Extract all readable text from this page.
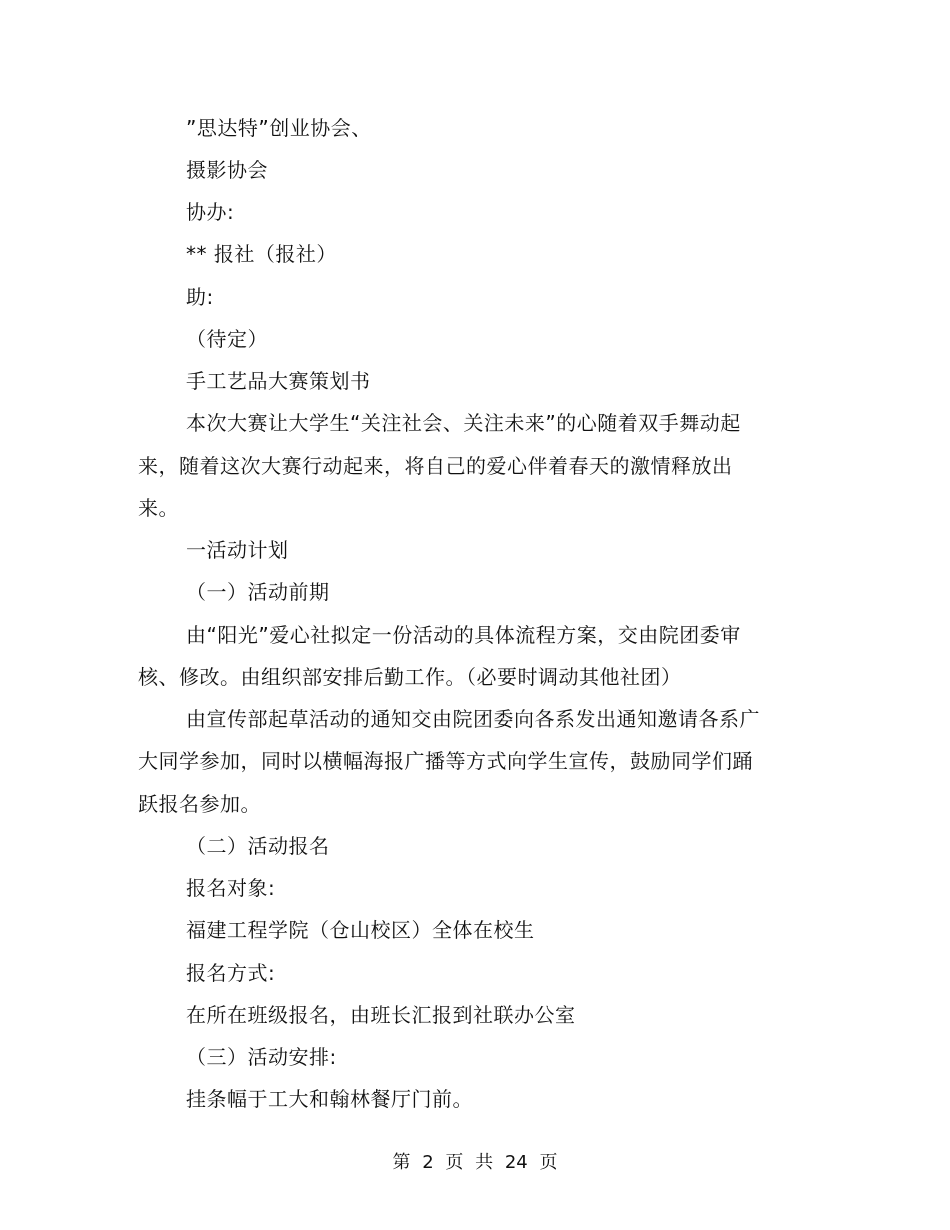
”思达特”创业协会、
摄影协会
协办:
** 报社（报社）
助:
（待定）
手工艺品大赛策划书
本次大赛让大学生“关注社会、关注未来”的心随着双手舞动起
来，随着这次大赛行动起来，将自己的爱心伴着春天的激情释放出
来。
一活动计划
（一）活动前期
由“阳光”爱心社拟定一份活动的具体流程方案，交由院团委审
核、修改。由组织部安排后勤工作。（必要时调动其他社团）
由宣传部起草活动的通知交由院团委向各系发出通知邀请各系广
大同学参加，同时以横幅海报广播等方式向学生宣传，鼓励同学们踊
跃报名参加。
（二）活动报名
报名对象:
福建工程学院（仓山校区）全体在校生
报名方式:
在所在班级报名，由班长汇报到社联办公室
（三）活动安排:
挂条幅于工大和翰林餐厅门前。
第 2 页 共 24 页
